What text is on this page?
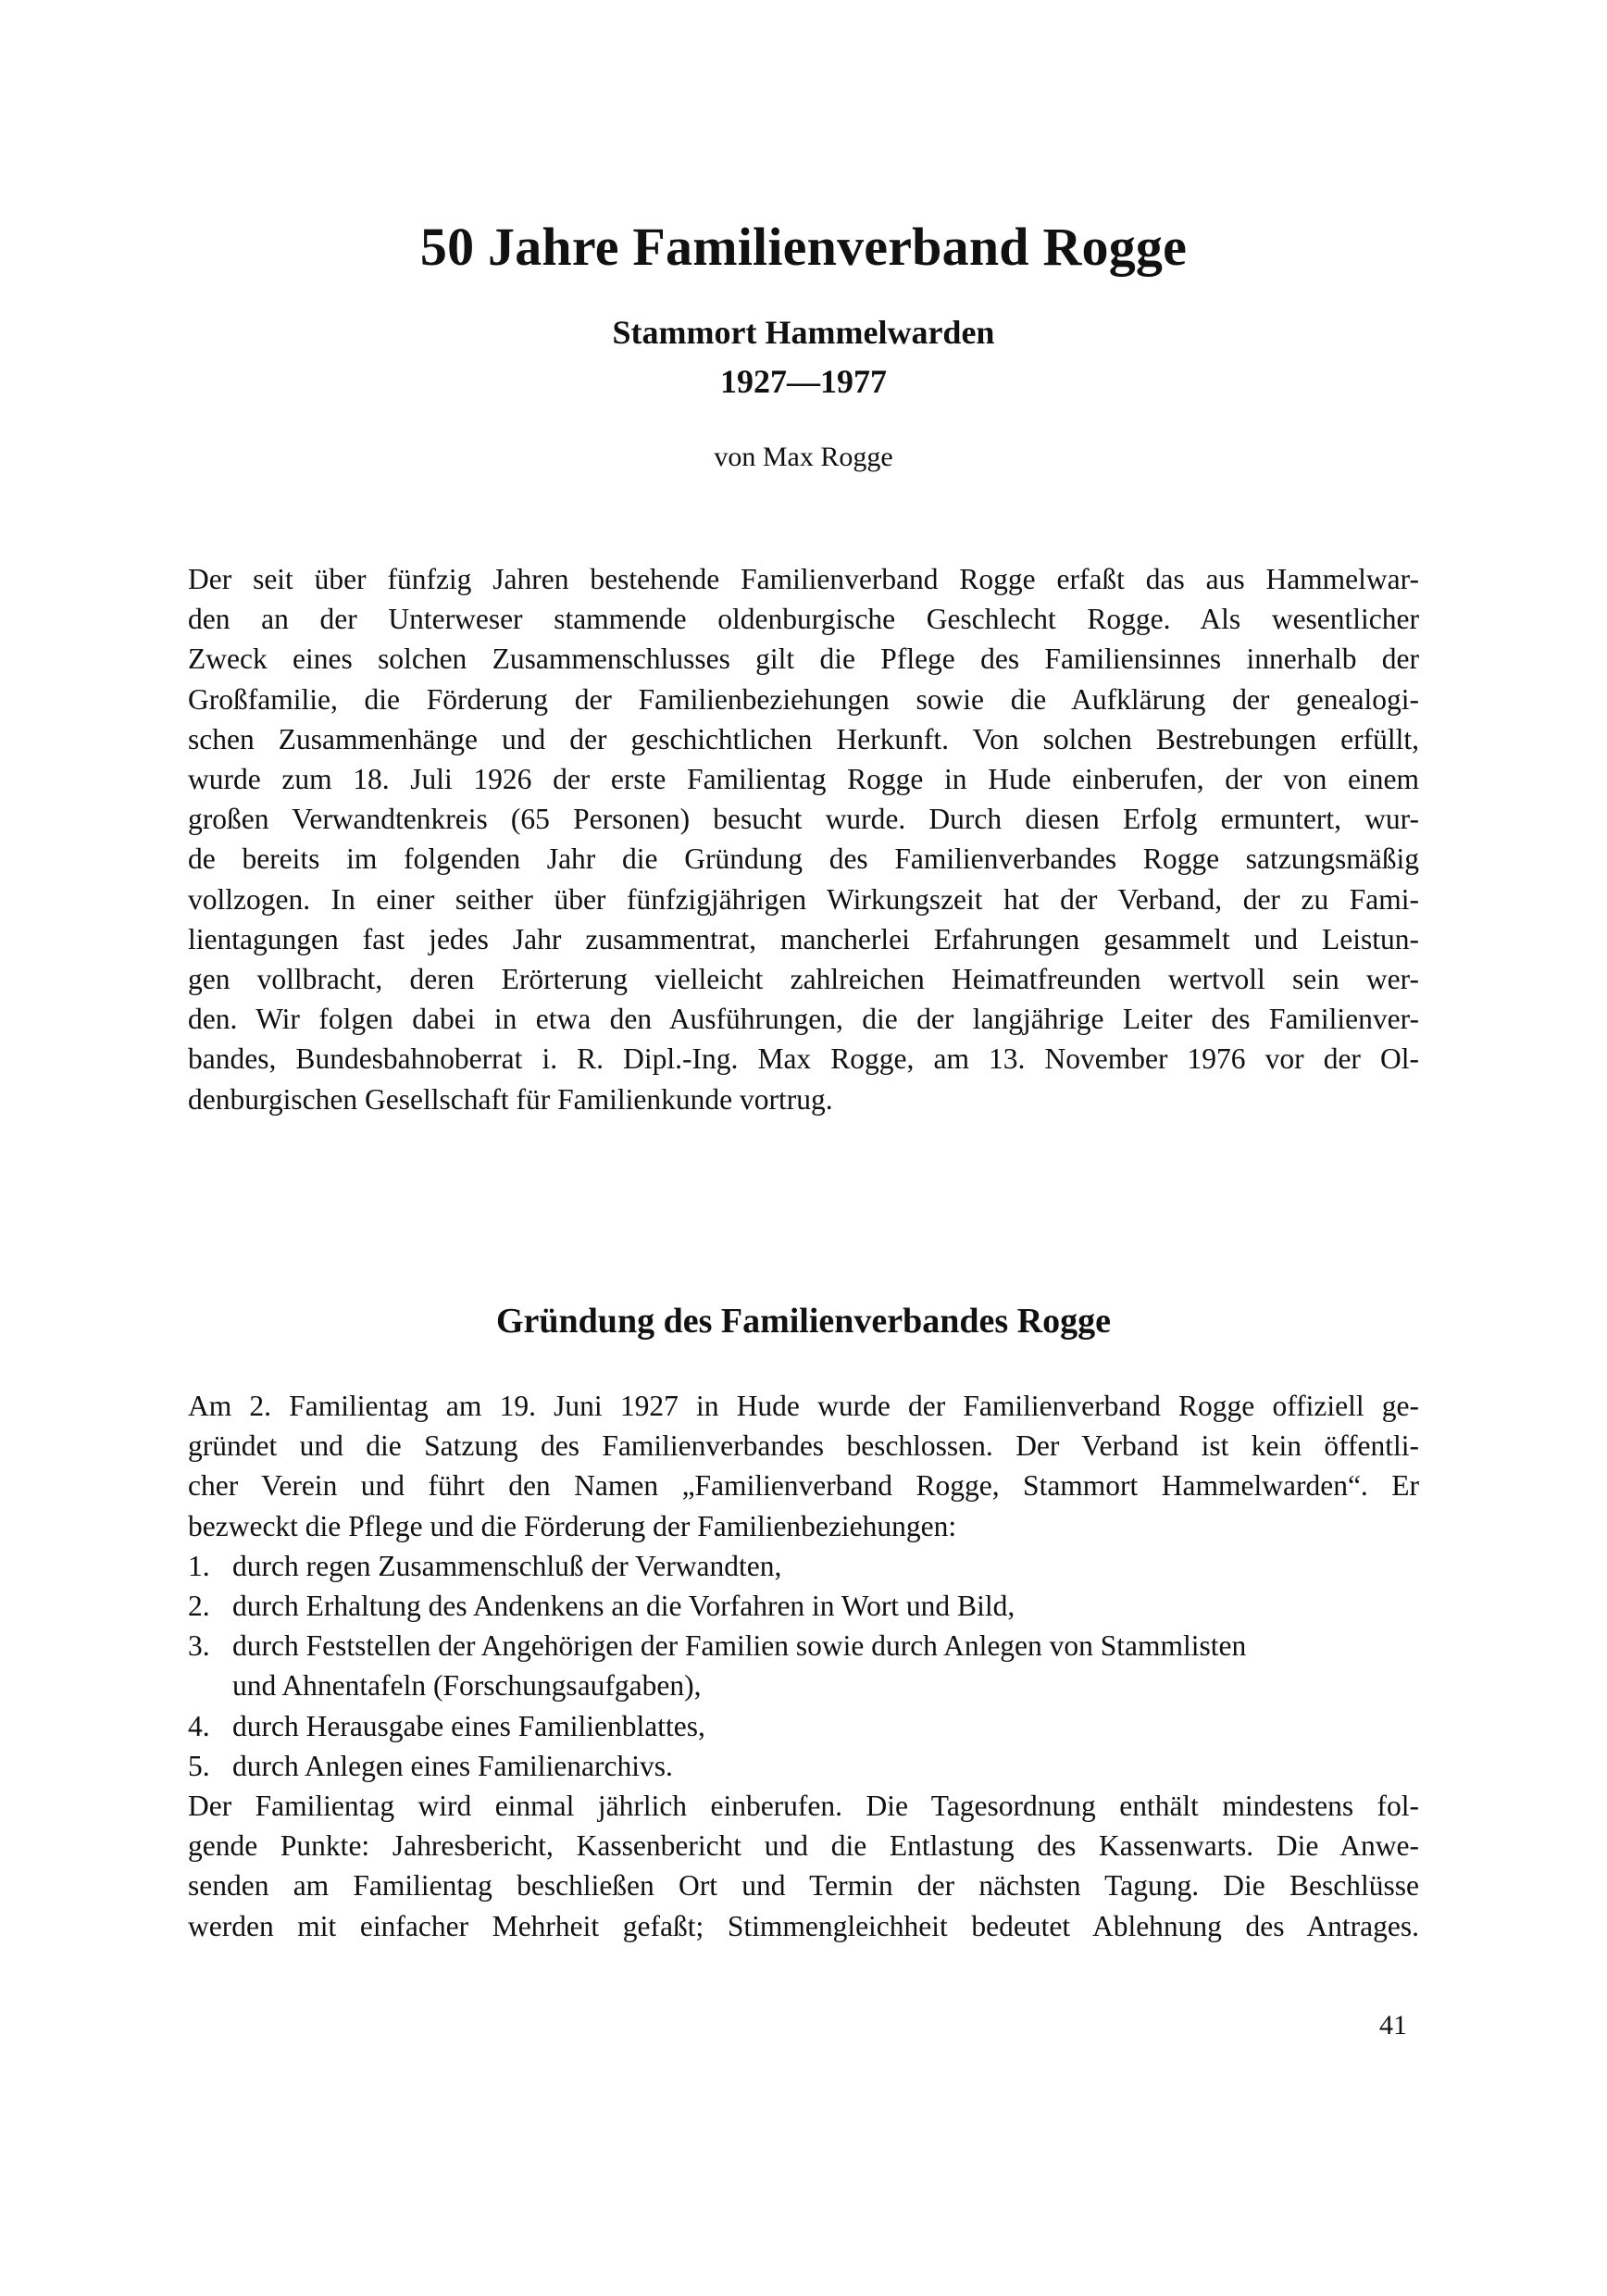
50 Jahre Familienverband Rogge
Stammort Hammelwarden
1927—1977
von Max Rogge
Der seit über fünfzig Jahren bestehende Familienverband Rogge erfaßt das aus Hammelwar-
den an der Unterweser stammende oldenburgische Geschlecht Rogge. Als wesentlicher
Zweck eines solchen Zusammenschlusses gilt die Pflege des Familiensinnes innerhalb der
Großfamilie, die Förderung der Familienbeziehungen sowie die Aufklärung der genealogi-
schen Zusammenhänge und der geschichtlichen Herkunft. Von solchen Bestrebungen erfüllt,
wurde zum 18. Juli 1926 der erste Familientag Rogge in Hude einberufen, der von einem
großen Verwandtenkreis (65 Personen) besucht wurde. Durch diesen Erfolg ermuntert, wur-
de bereits im folgenden Jahr die Gründung des Familienverbandes Rogge satzungsmäßig
vollzogen. In einer seither über fünfzigjährigen Wirkungszeit hat der Verband, der zu Fami-
lientagungen fast jedes Jahr zusammentrat, mancherlei Erfahrungen gesammelt und Leistun-
gen vollbracht, deren Erörterung vielleicht zahlreichen Heimatfreunden wertvoll sein wer-
den. Wir folgen dabei in etwa den Ausführungen, die der langjährige Leiter des Familienver-
bandes, Bundesbahnoberrat i. R. Dipl.-Ing. Max Rogge, am 13. November 1976 vor der Ol-
denburgischen Gesellschaft für Familienkunde vortrug.
Gründung des Familienverbandes Rogge
Am 2. Familientag am 19. Juni 1927 in Hude wurde der Familienverband Rogge offiziell ge-
gründet und die Satzung des Familienverbandes beschlossen. Der Verband ist kein öffentli-
cher Verein und führt den Namen „Familienverband Rogge, Stammort Hammelwarden“. Er
bezweckt die Pflege und die Förderung der Familienbeziehungen:
1. durch regen Zusammenschluß der Verwandten,
2. durch Erhaltung des Andenkens an die Vorfahren in Wort und Bild,
3. durch Feststellen der Angehörigen der Familien sowie durch Anlegen von Stammlisten
und Ahnentafeln (Forschungsaufgaben),
4. durch Herausgabe eines Familienblattes,
5. durch Anlegen eines Familienarchivs.
Der Familientag wird einmal jährlich einberufen. Die Tagesordnung enthält mindestens fol-
gende Punkte: Jahresbericht, Kassenbericht und die Entlastung des Kassenwarts. Die Anwe-
senden am Familientag beschließen Ort und Termin der nächsten Tagung. Die Beschlüsse
werden mit einfacher Mehrheit gefaßt; Stimmengleichheit bedeutet Ablehnung des Antrages.
41
